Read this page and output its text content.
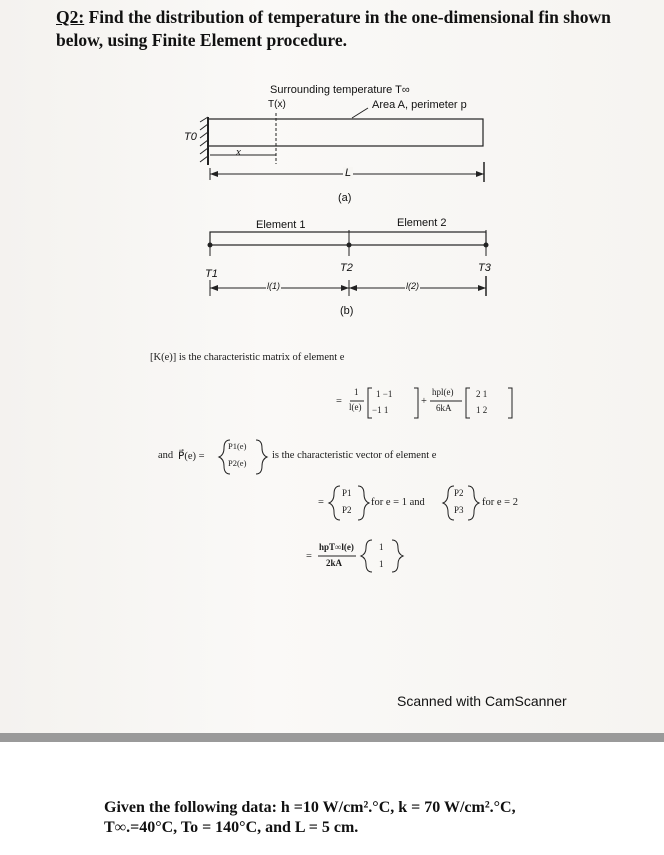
Q2: Find the distribution of temperature in the one-dimensional fin shown below, using Finite Element procedure.
Surrounding temperature T∞
T(x)	Area A, perimeter p
T0
x
L
(a)
Element 1	Element 2
T1	T2	T3
l(1)	l(2)
(b)
[K(e)] is the characteristic matrix of element e
=
1
l(e)
1 −1
−1 1
+
hpl(e)
6kA
2 1
1 2
and P⃗(e) =
P1(e)
P2(e)
is the characteristic vector of element e
=
P1
P2
for e = 1 and
P2
P3
for e = 2
=
hpT∞l(e)
2kA
1
1
Scanned with CamScanner
Given the following data: h =10 W/cm².°C, k = 70 W/cm².°C,
T∞.=40°C, To = 140°C, and L = 5 cm.
